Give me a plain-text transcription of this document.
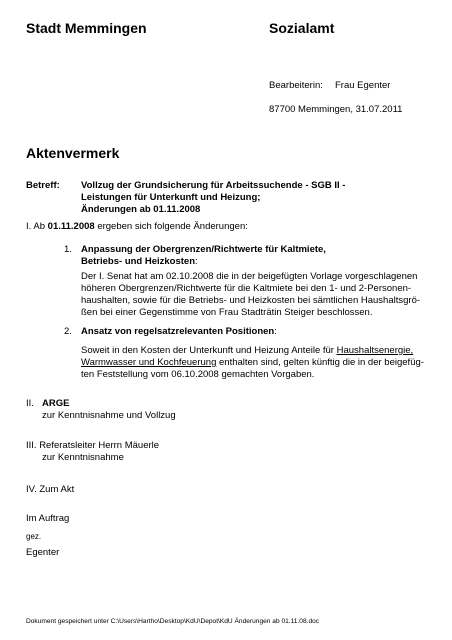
Stadt Memmingen	Sozialamt
Bearbeiterin: Frau Egenter
87700 Memmingen, 31.07.2011
Aktenvermerk
Betreff: Vollzug der Grundsicherung für Arbeitssuchende - SGB II -
Leistungen für Unterkunft und Heizung;
Änderungen ab 01.11.2008
I. Ab 01.11.2008 ergeben sich folgende Änderungen:
1. Anpassung der Obergrenzen/Richtwerte für Kaltmiete,
Betriebs- und Heizkosten:
Der I. Senat hat am 02.10.2008 die in der beigefügten Vorlage vorgeschlagenen
höheren Obergrenzen/Richtwerte für die Kaltmiete bei den 1- und 2-Personen-
haushalten, sowie für die Betriebs- und Heizkosten bei sämtlichen Haushaltsgrö-
ßen bei einer Gegenstimme von Frau Stadträtin Steiger beschlossen.
2. Ansatz von regelsatzrelevanten Positionen:
Soweit in den Kosten der Unterkunft und Heizung Anteile für Haushaltsenergie,
Warmwasser und Kochfeuerung enthalten sind, gelten künftig die in der beigefüg-
ten Feststellung vom 06.10.2008 gemachten Vorgaben.
II. ARGE
zur Kenntnisnahme und Vollzug
III. Referatsleiter Herrn Mäuerle
zur Kenntnisnahme
IV. Zum Akt
Im Auftrag
gez.
Egenter
Dokument gespeichert unter C:\Users\Hartho\Desktop\KdU\Depot\KdU Änderungen ab 01.11.08.doc
